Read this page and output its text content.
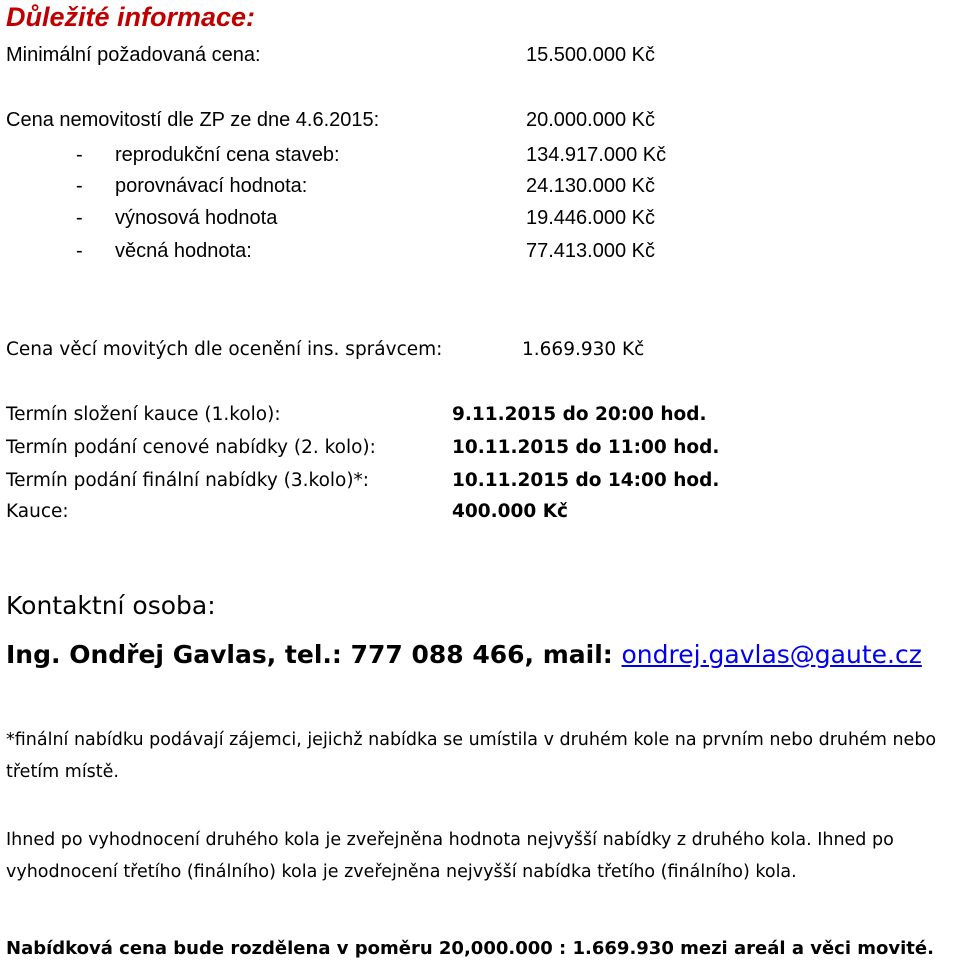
Důležité informace:
Minimální požadovaná cena:	15.500.000 Kč
Cena nemovitostí dle ZP ze dne 4.6.2015:	20.000.000 Kč
- reprodukční cena staveb:	134.917.000 Kč
- porovnávací hodnota:	24.130.000 Kč
- výnosová hodnota	19.446.000 Kč
- věcná hodnota:	77.413.000 Kč
Cena věcí movitých dle ocenění ins. správcem:	1.669.930 Kč
Termín složení kauce (1.kolo):	9.11.2015 do 20:00 hod.
Termín podání cenové nabídky (2. kolo):	10.11.2015 do 11:00 hod.
Termín podání finální nabídky (3.kolo)*:	10.11.2015 do 14:00 hod.
Kauce:	400.000 Kč
Kontaktní osoba:
Ing. Ondřej Gavlas, tel.: 777 088 466, mail: ondrej.gavlas@gaute.cz
*finální nabídku podávají zájemci, jejichž nabídka se umístila v druhém kole na prvním nebo druhém nebo třetím místě.
Ihned po vyhodnocení druhého kola je zveřejněna hodnota nejvyšší nabídky z druhého kola. Ihned po vyhodnocení třetího (finálního) kola je zveřejněna nejvyšší nabídka třetího (finálního) kola.
Nabídková cena bude rozdělena v poměru 20,000.000 : 1.669.930 mezi areál a věci movité.
